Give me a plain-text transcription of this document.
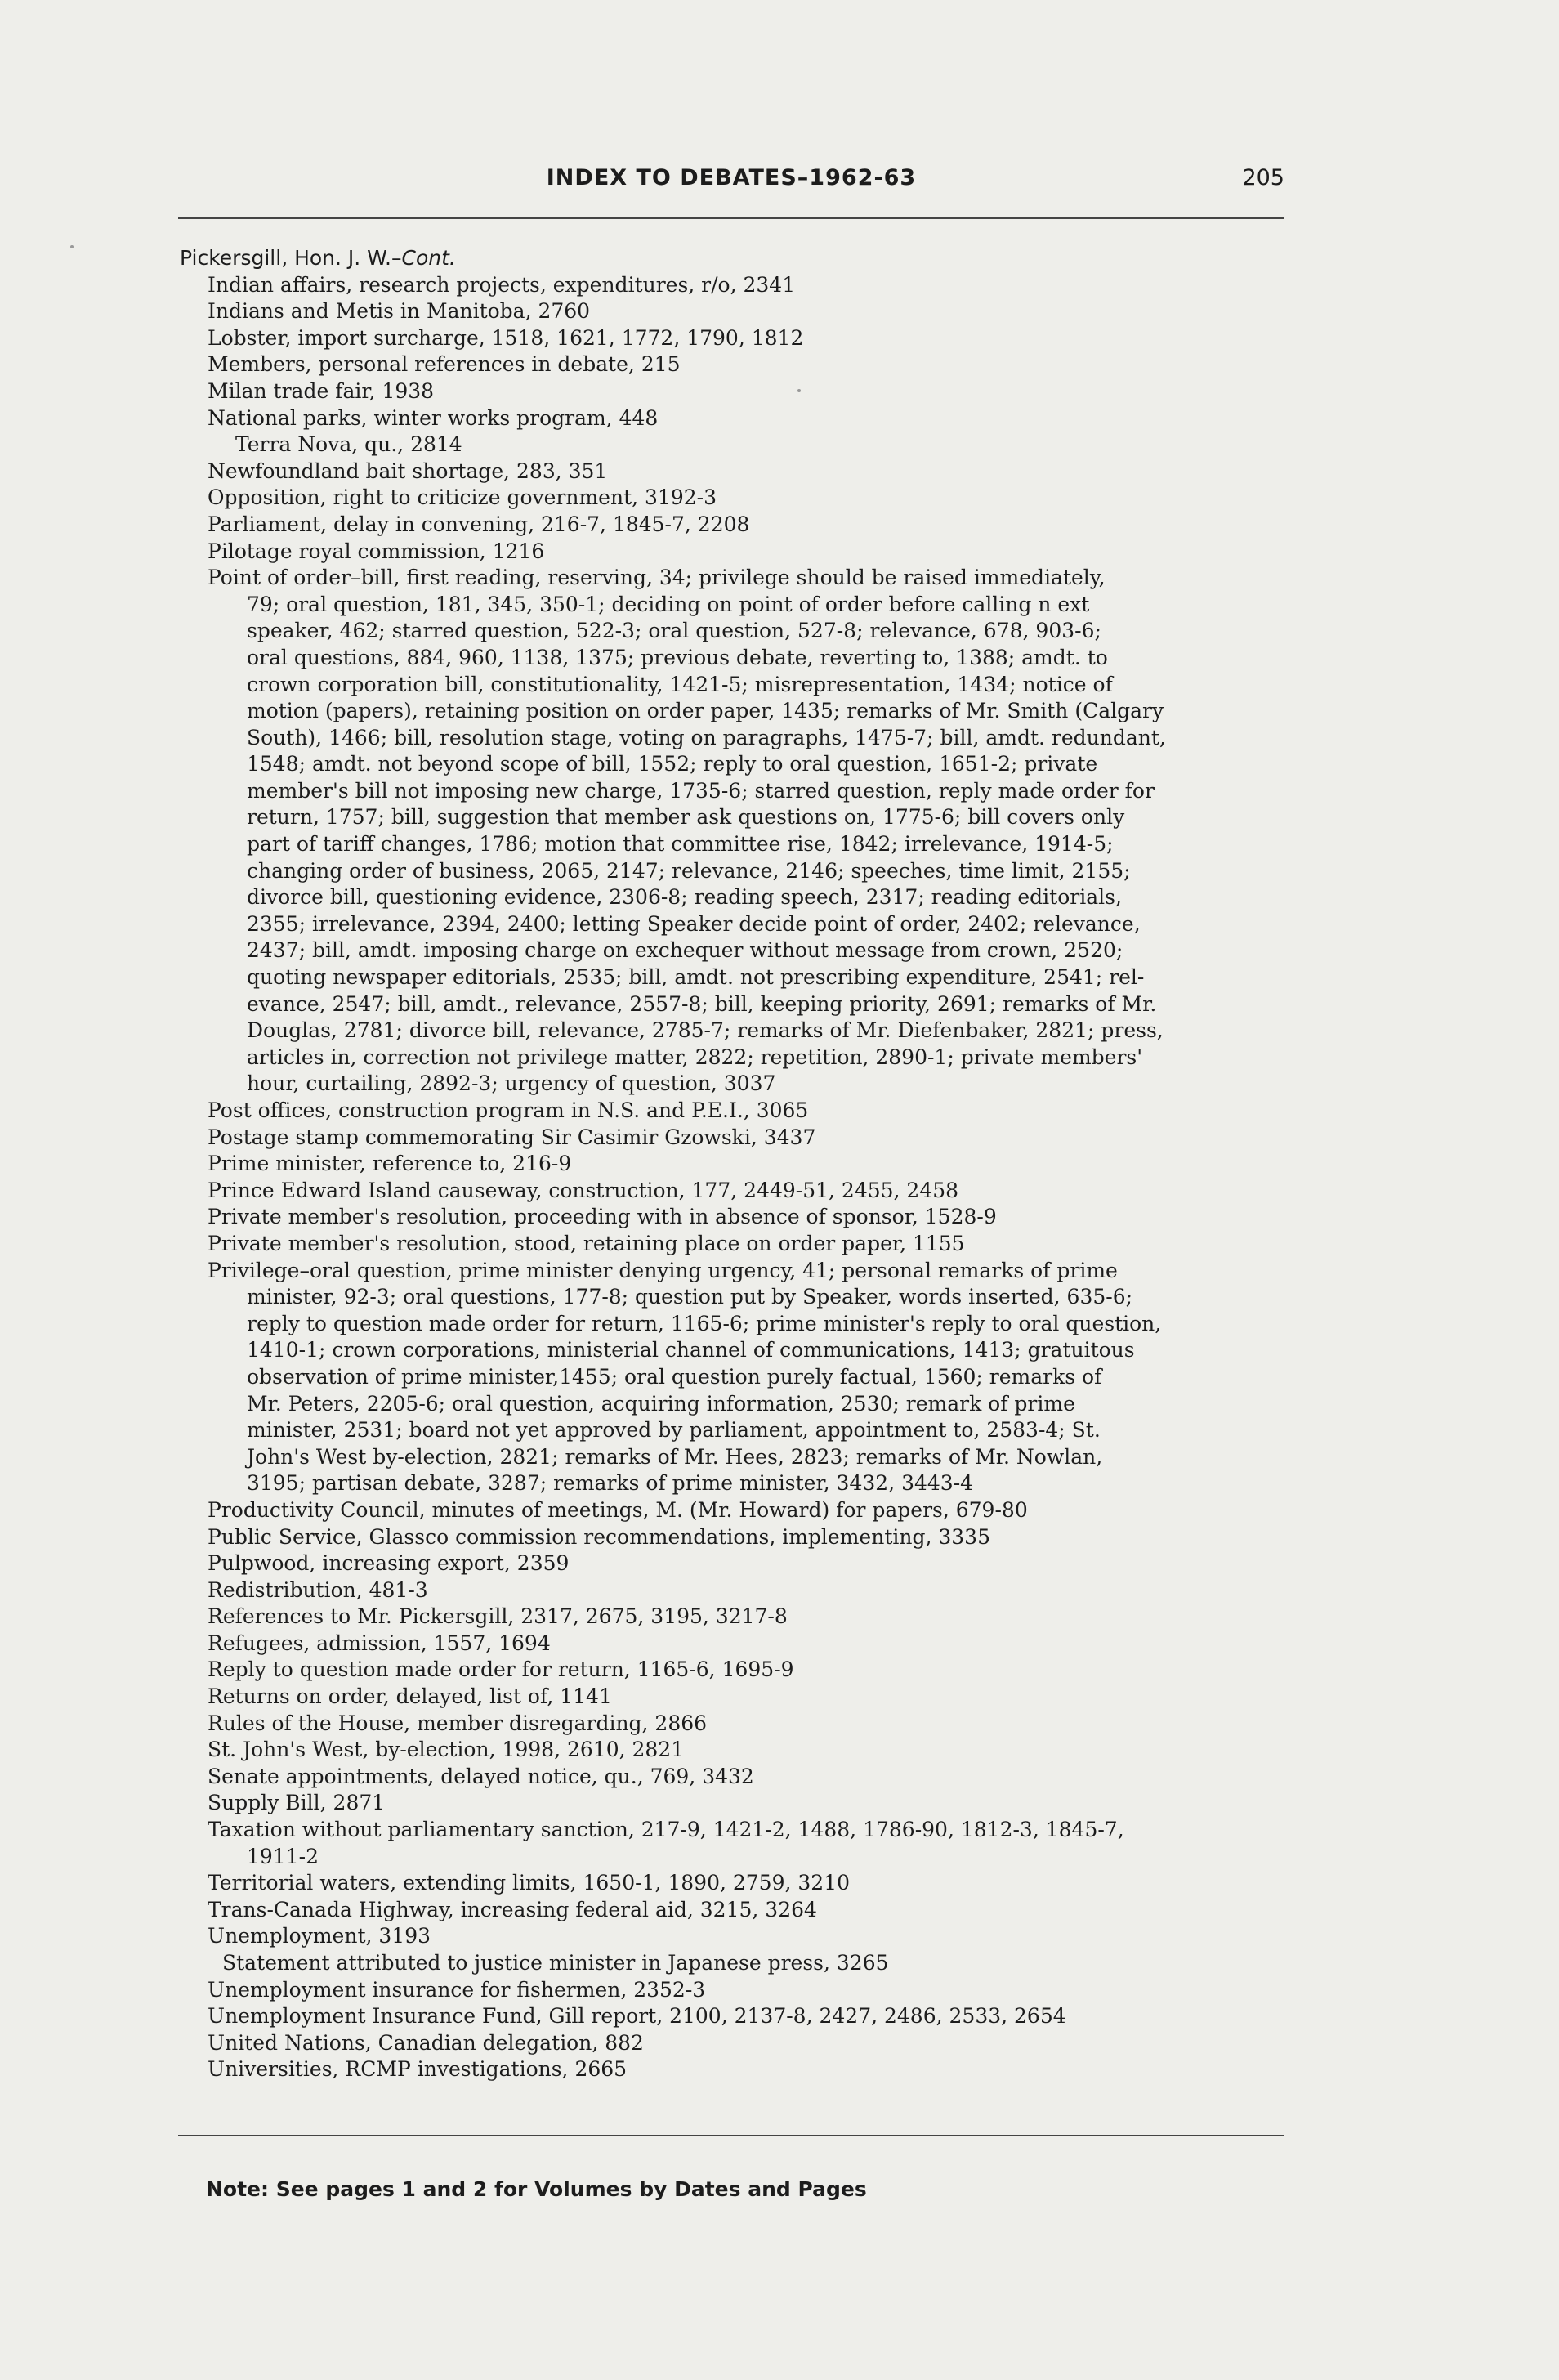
INDEX TO DEBATES–1962-63	205
Pickersgill, Hon. J. W.–Cont.
Indian affairs, research projects, expenditures, r/o, 2341
Indians and Metis in Manitoba, 2760
Lobster, import surcharge, 1518, 1621, 1772, 1790, 1812
Members, personal references in debate, 215
Milan trade fair, 1938
National parks, winter works program, 448
Terra Nova, qu., 2814
Newfoundland bait shortage, 283, 351
Opposition, right to criticize government, 3192-3
Parliament, delay in convening, 216-7, 1845-7, 2208
Pilotage royal commission, 1216
Point of order–bill, first reading, reserving, 34; privilege should be raised immediately,
79; oral question, 181, 345, 350-1; deciding on point of order before calling n ext
speaker, 462; starred question, 522-3; oral question, 527-8; relevance, 678, 903-6;
oral questions, 884, 960, 1138, 1375; previous debate, reverting to, 1388; amdt. to
crown corporation bill, constitutionality, 1421-5; misrepresentation, 1434; notice of
motion (papers), retaining position on order paper, 1435; remarks of Mr. Smith (Calgary
South), 1466; bill, resolution stage, voting on paragraphs, 1475-7; bill, amdt. redundant,
1548; amdt. not beyond scope of bill, 1552; reply to oral question, 1651-2; private
member's bill not imposing new charge, 1735-6; starred question, reply made order for
return, 1757; bill, suggestion that member ask questions on, 1775-6; bill covers only
part of tariff changes, 1786; motion that committee rise, 1842; irrelevance, 1914-5;
changing order of business, 2065, 2147; relevance, 2146; speeches, time limit, 2155;
divorce bill, questioning evidence, 2306-8; reading speech, 2317; reading editorials,
2355; irrelevance, 2394, 2400; letting Speaker decide point of order, 2402; relevance,
2437; bill, amdt. imposing charge on exchequer without message from crown, 2520;
quoting newspaper editorials, 2535; bill, amdt. not prescribing expenditure, 2541; rel-
evance, 2547; bill, amdt., relevance, 2557-8; bill, keeping priority, 2691; remarks of Mr.
Douglas, 2781; divorce bill, relevance, 2785-7; remarks of Mr. Diefenbaker, 2821; press,
articles in, correction not privilege matter, 2822; repetition, 2890-1; private members'
hour, curtailing, 2892-3; urgency of question, 3037
Post offices, construction program in N.S. and P.E.I., 3065
Postage stamp commemorating Sir Casimir Gzowski, 3437
Prime minister, reference to, 216-9
Prince Edward Island causeway, construction, 177, 2449-51, 2455, 2458
Private member's resolution, proceeding with in absence of sponsor, 1528-9
Private member's resolution, stood, retaining place on order paper, 1155
Privilege–oral question, prime minister denying urgency, 41; personal remarks of prime
minister, 92-3; oral questions, 177-8; question put by Speaker, words inserted, 635-6;
reply to question made order for return, 1165-6; prime minister's reply to oral question,
1410-1; crown corporations, ministerial channel of communications, 1413; gratuitous
observation of prime minister,1455; oral question purely factual, 1560; remarks of
Mr. Peters, 2205-6; oral question, acquiring information, 2530; remark of prime
minister, 2531; board not yet approved by parliament, appointment to, 2583-4; St.
John's West by-election, 2821; remarks of Mr. Hees, 2823; remarks of Mr. Nowlan,
3195; partisan debate, 3287; remarks of prime minister, 3432, 3443-4
Productivity Council, minutes of meetings, M. (Mr. Howard) for papers, 679-80
Public Service, Glassco commission recommendations, implementing, 3335
Pulpwood, increasing export, 2359
Redistribution, 481-3
References to Mr. Pickersgill, 2317, 2675, 3195, 3217-8
Refugees, admission, 1557, 1694
Reply to question made order for return, 1165-6, 1695-9
Returns on order, delayed, list of, 1141
Rules of the House, member disregarding, 2866
St. John's West, by-election, 1998, 2610, 2821
Senate appointments, delayed notice, qu., 769, 3432
Supply Bill, 2871
Taxation without parliamentary sanction, 217-9, 1421-2, 1488, 1786-90, 1812-3, 1845-7,
1911-2
Territorial waters, extending limits, 1650-1, 1890, 2759, 3210
Trans-Canada Highway, increasing federal aid, 3215, 3264
Unemployment, 3193
Statement attributed to justice minister in Japanese press, 3265
Unemployment insurance for fishermen, 2352-3
Unemployment Insurance Fund, Gill report, 2100, 2137-8, 2427, 2486, 2533, 2654
United Nations, Canadian delegation, 882
Universities, RCMP investigations, 2665
Note: See pages 1 and 2 for Volumes by Dates and Pages
